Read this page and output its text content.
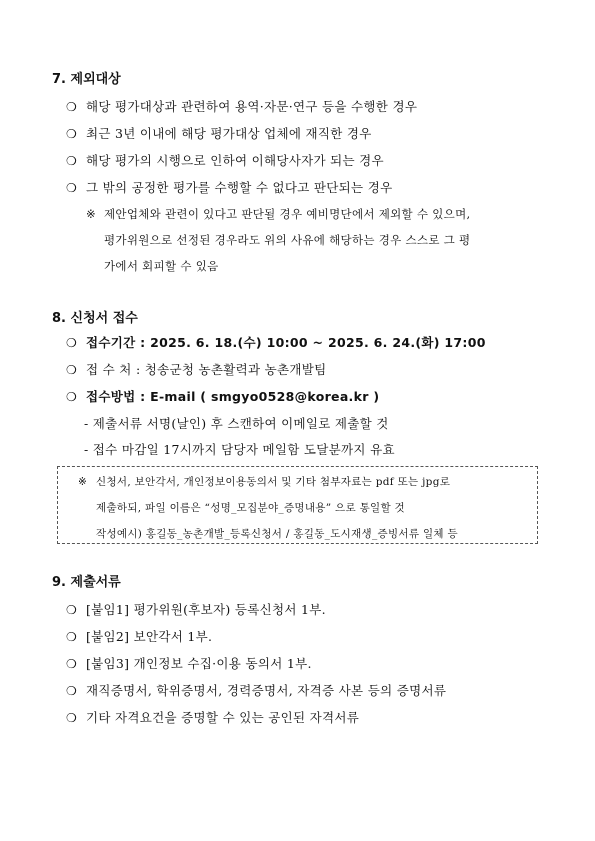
7. 제외대상
❍ 해당 평가대상과 관련하여 용역·자문·연구 등을 수행한 경우
❍ 최근 3년 이내에 해당 평가대상 업체에 재직한 경우
❍ 해당 평가의 시행으로 인하여 이해당사자가 되는 경우
❍ 그 밖의 공정한 평가를 수행할 수 없다고 판단되는 경우
※ 제안업체와 관련이 있다고 판단될 경우 예비명단에서 제외할 수 있으며,
평가위원으로 선정된 경우라도 위의 사유에 해당하는 경우 스스로 그 평
가에서 회피할 수 있음
8. 신청서 접수
❍ 접수기간 : 2025. 6. 18.(수) 10:00 ~ 2025. 6. 24.(화) 17:00
❍ 접 수 처 : 청송군청 농촌활력과 농촌개발팀
❍ 접수방법 : E-mail ( smgyo0528@korea.kr )
- 제출서류 서명(날인) 후 스캔하여 이메일로 제출할 것
- 접수 마감일 17시까지 담당자 메일함 도달분까지 유효
※ 신청서, 보안각서, 개인정보이용동의서 및 기타 첨부자료는 pdf 또는 jpg로
제출하되, 파일 이름은 “성명_모집분야_증명내용” 으로 통일할 것
작성예시) 홍길동_농촌개발_등록신청서 / 홍길동_도시재생_증빙서류 일체 등
9. 제출서류
❍ [붙임1] 평가위원(후보자) 등록신청서 1부.
❍ [붙임2] 보안각서 1부.
❍ [붙임3] 개인정보 수집·이용 동의서 1부.
❍ 재직증명서, 학위증명서, 경력증명서, 자격증 사본 등의 증명서류
❍ 기타 자격요건을 증명할 수 있는 공인된 자격서류
